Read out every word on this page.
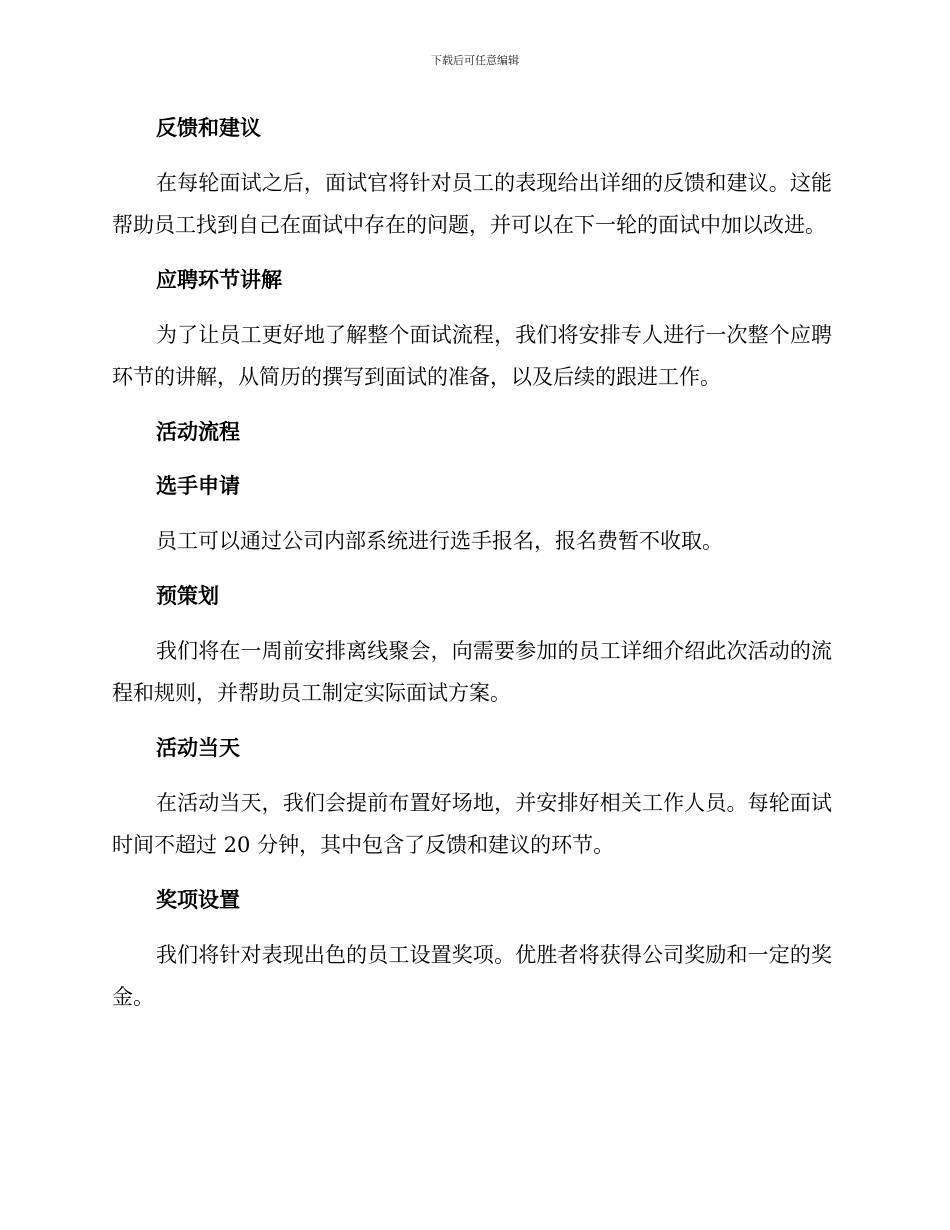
下载后可任意编辑
反馈和建议

在每轮面试之后，面试官将针对员工的表现给出详细的反馈和建议。这能帮助员工找到自己在面试中存在的问题，并可以在下一轮的面试中加以改进。

应聘环节讲解

为了让员工更好地了解整个面试流程，我们将安排专人进行一次整个应聘环节的讲解，从简历的撰写到面试的准备，以及后续的跟进工作。

活动流程
选手申请

员工可以通过公司内部系统进行选手报名，报名费暂不收取。

预策划

我们将在一周前安排离线聚会，向需要参加的员工详细介绍此次活动的流程和规则，并帮助员工制定实际面试方案。

活动当天

在活动当天，我们会提前布置好场地，并安排好相关工作人员。每轮面试时间不超过 20 分钟，其中包含了反馈和建议的环节。

奖项设置

我们将针对表现出色的员工设置奖项。优胜者将获得公司奖励和一定的奖金。
